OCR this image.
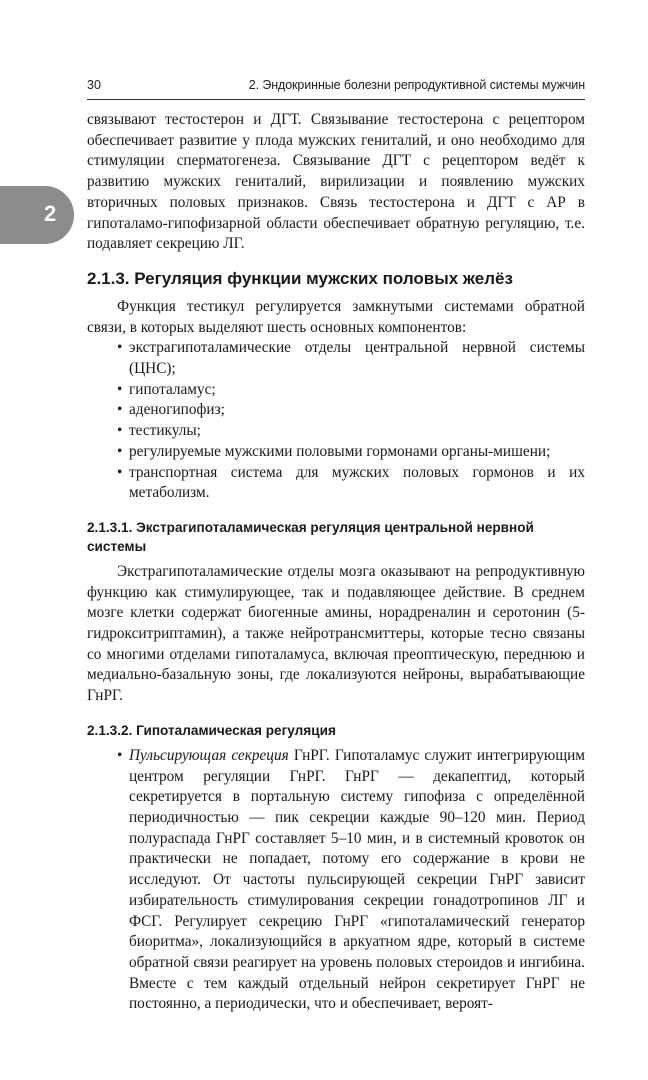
30	2. Эндокринные болезни репродуктивной системы мужчин
2

связывают тестостерон и ДГТ. Связывание тестостерона с рецептором обеспечивает развитие у плода мужских гениталий, и оно необходимо для стимуляции сперматогенеза. Связывание ДГТ с рецептором ведёт к развитию мужских гениталий, вирилизации и появлению мужских вторичных половых признаков. Связь тестостерона и ДГТ с АР в гипоталамо-гипофизарной области обеспечивает обратную регуляцию, т.е. подавляет секрецию ЛГ.

2.1.3. Регуляция функции мужских половых желёз

Функция тестикул регулируется замкнутыми системами обратной связи, в которых выделяют шесть основных компонентов:

• экстрагипоталамические отделы центральной нервной системы (ЦНС);
• гипоталамус;
• аденогипофиз;
• тестикулы;
• регулируемые мужскими половыми гормонами органы-мишени;
• транспортная система для мужских половых гормонов и их метаболизм.
2.1.3.1. Экстрагипоталамическая регуляция центральной нервной системы

Экстрагипоталамические отделы мозга оказывают на репродуктивную функцию как стимулирующее, так и подавляющее действие. В среднем мозге клетки содержат биогенные амины, норадреналин и серотонин (5-гидрокситриптамин), а также нейротрансмиттеры, которые тесно связаны со многими отделами гипоталамуса, включая преоптическую, переднюю и медиально-базальную зоны, где локализуются нейроны, вырабатывающие ГнРГ.

2.1.3.2. Гипоталамическая регуляция
• Пульсирующая секреция ГнРГ. Гипоталамус служит интегрирующим центром регуляции ГнРГ. ГнРГ — декапептид, который секретируется в портальную систему гипофиза с определённой периодичностью — пик секреции каждые 90–120 мин. Период полураспада ГнРГ составляет 5–10 мин, и в системный кровоток он практически не попадает, потому его содержание в крови не исследуют. От частоты пульсирующей секреции ГнРГ зависит избирательность стимулирования секреции гонадотропинов ЛГ и ФСГ. Регулирует секрецию ГнРГ «гипоталамический генератор биоритма», локализующийся в аркуатном ядре, который в системе обратной связи реагирует на уровень половых стероидов и ингибина. Вместе с тем каждый отдельный нейрон секретирует ГнРГ не постоянно, а периодически, что и обеспечивает, вероят-
